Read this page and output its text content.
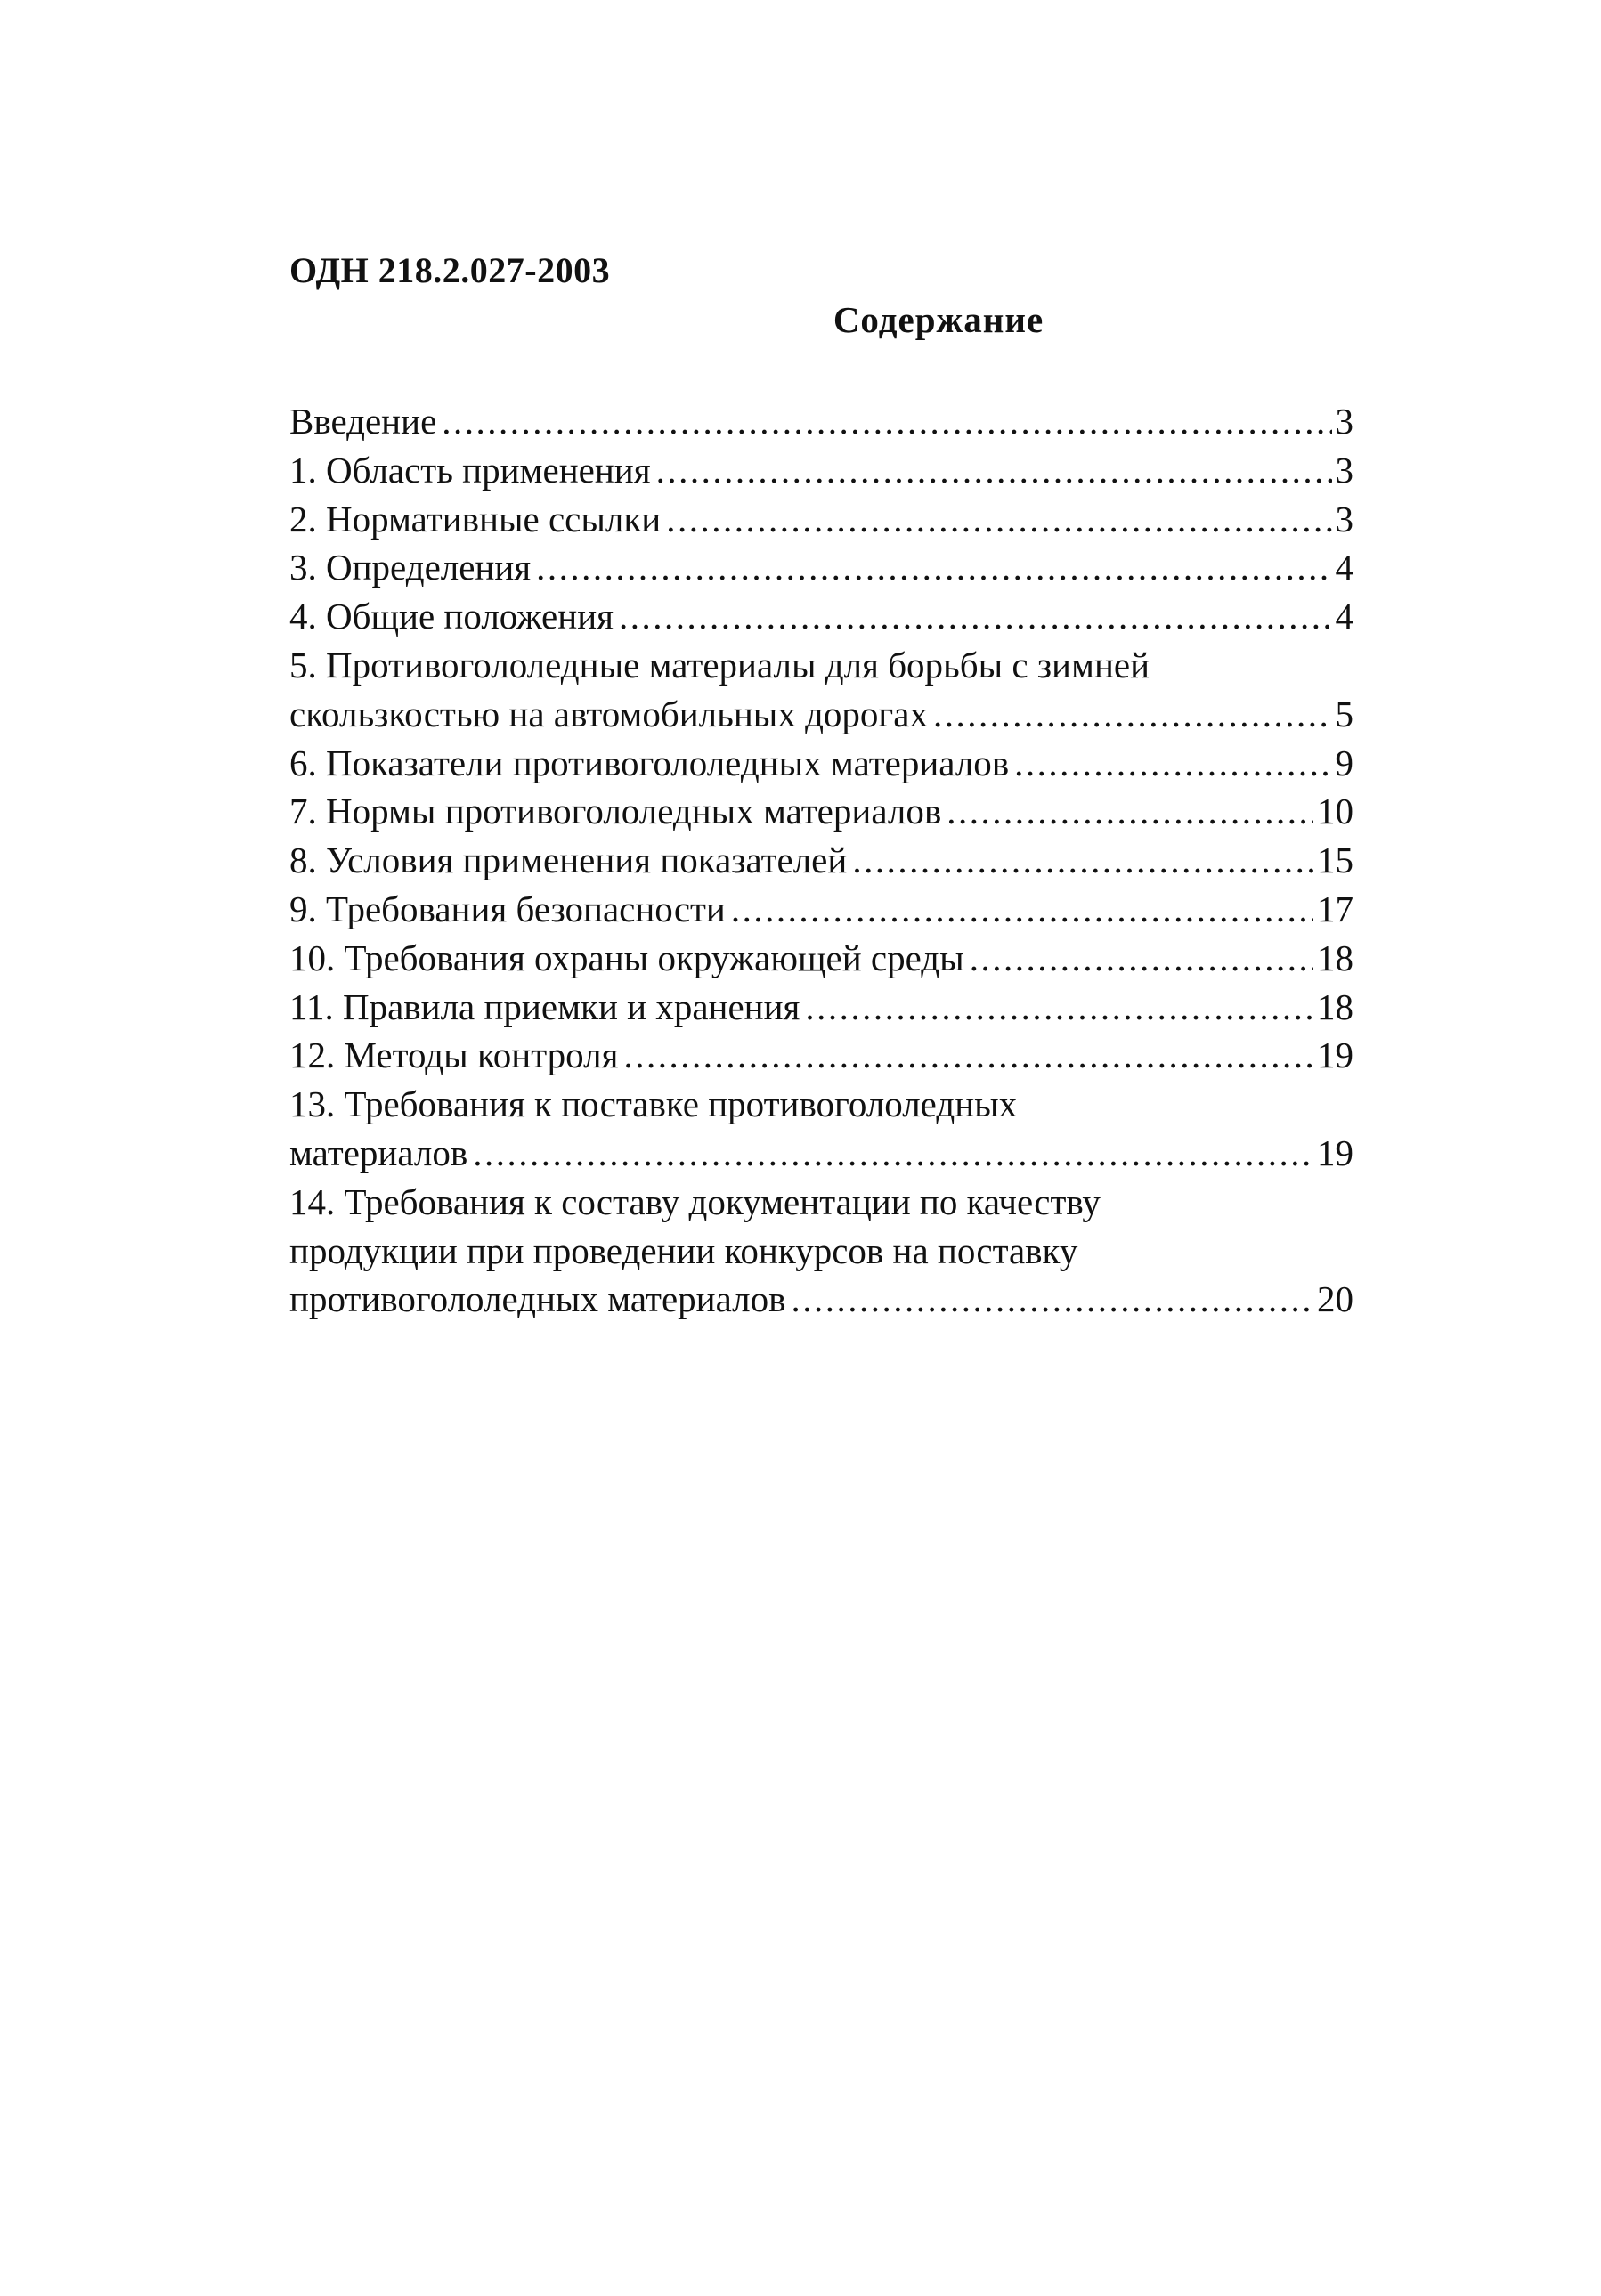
ОДН 218.2.027-2003
Содержание
Введение .....	3
1. Область применения .....	3
2. Нормативные ссылки .....	3
3. Определения .....	4
4. Общие положения .....	4
5. Противогололедные материалы для борьбы с зимней
скользкостью на автомобильных дорогах .....	5
6. Показатели противогололедных материалов .....	9
7. Нормы противогололедных материалов .....	10
8. Условия применения показателей .....	15
9. Требования безопасности .....	17
10. Требования охраны окружающей среды .....	18
11. Правила приемки и хранения .....	18
12. Методы контроля .....	19
13. Требования к поставке противогололедных
материалов .....	19
14. Требования к составу документации по качеству
продукции при проведении конкурсов на поставку
противогололедных материалов .....	20
